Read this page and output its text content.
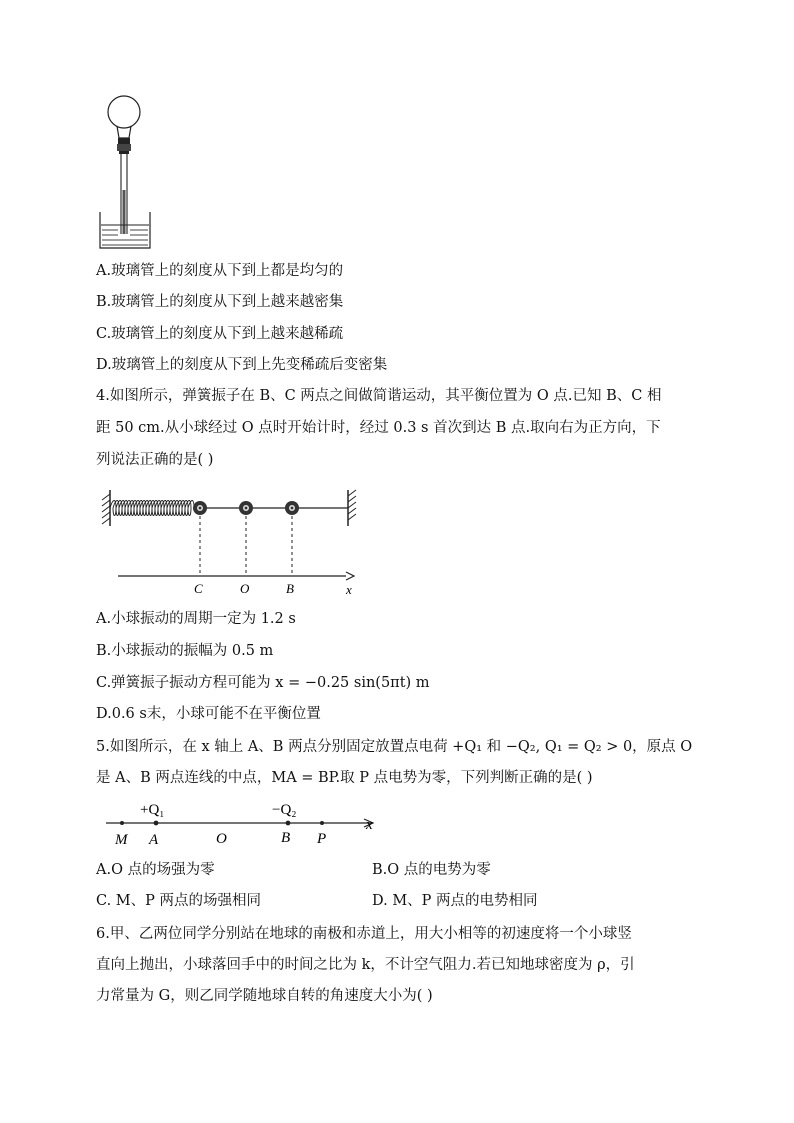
A.玻璃管上的刻度从下到上都是均匀的
B.玻璃管上的刻度从下到上越来越密集
C.玻璃管上的刻度从下到上越来越稀疏
D.玻璃管上的刻度从下到上先变稀疏后变密集
4.如图所示，弹簧振子在 B、C 两点之间做简谐运动，其平衡位置为 O 点.已知 B、C 相
距 50 cm.从小球经过 O 点时开始计时，经过 0.3 s 首次到达 B 点.取向右为正方向，下
列说法正确的是( )
C	O	B	x
A.小球振动的周期一定为 1.2 s
B.小球振动的振幅为 0.5 m
C.弹簧振子振动方程可能为 x = −0.25 sin(5πt) m
D.0.6 s末，小球可能不在平衡位置
5.如图所示，在 x 轴上 A、B 两点分别固定放置点电荷 +Q₁ 和 −Q₂, Q₁ = Q₂ > 0，原点 O
是 A、B 两点连线的中点，MA = BP.取 P 点电势为零，下列判断正确的是( )
+Q₁	−Q₂
M A	O	B P
x
A.O 点的场强为零	B.O 点的电势为零
C. M、P 两点的场强相同	D. M、P 两点的电势相同
6.甲、乙两位同学分别站在地球的南极和赤道上，用大小相等的初速度将一个小球竖
直向上抛出，小球落回手中的时间之比为 k，不计空气阻力.若已知地球密度为 ρ，引
力常量为 G，则乙同学随地球自转的角速度大小为( )
